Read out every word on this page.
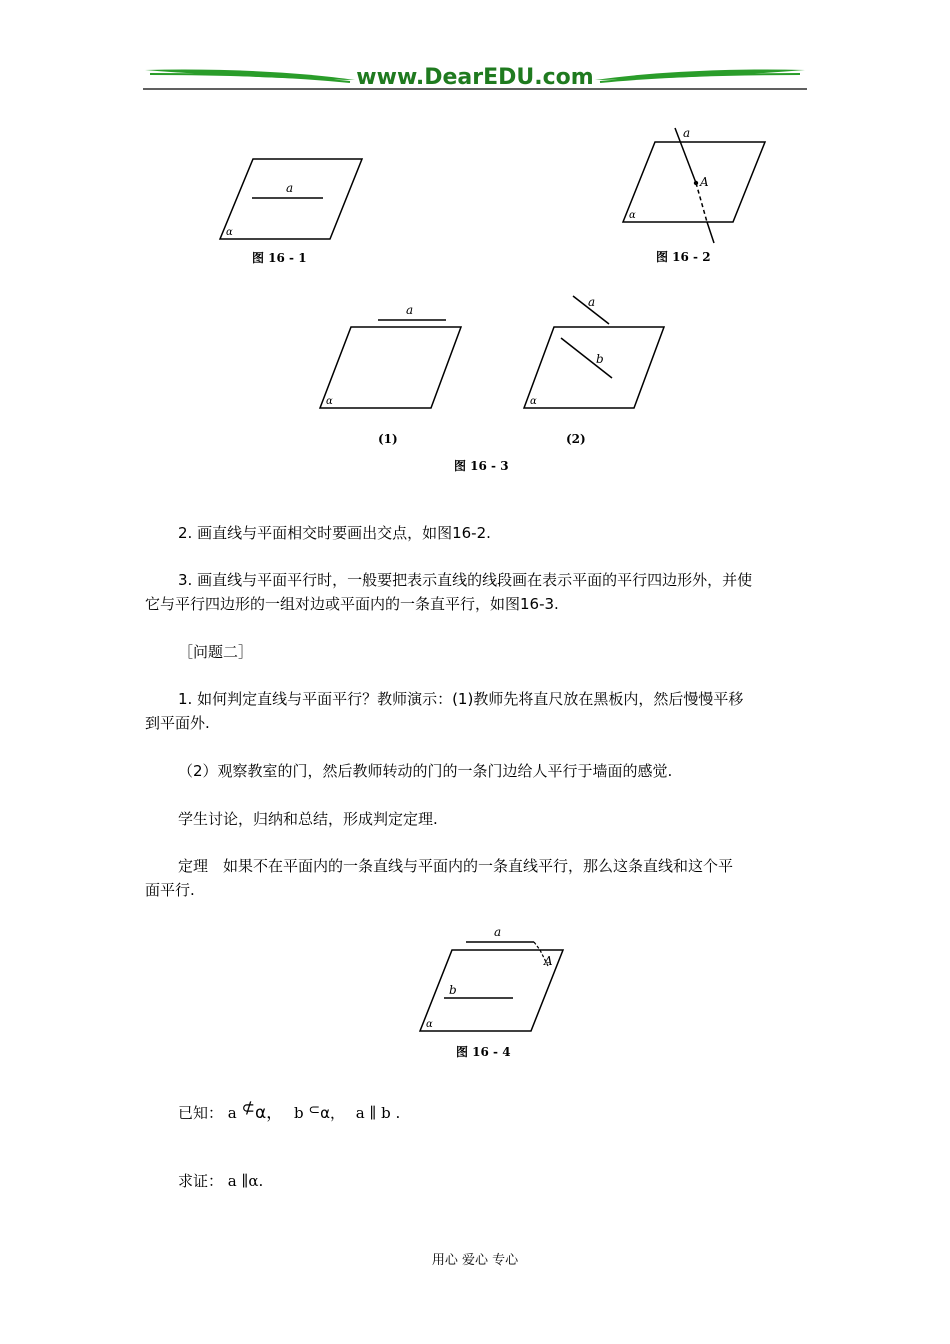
www.DearEDU.com
a
α
图 16 - 1
a
A
α
图 16 - 2
a
α
(1)
a
b
α
(2)
图 16 - 3
2. 画直线与平面相交时要画出交点，如图16-2.
3. 画直线与平面平行时，一般要把表示直线的线段画在表示平面的平行四边形外，并使
它与平行四边形的一组对边或平面内的一条直平行，如图16-3.
［问题二］
1. 如何判定直线与平面平行？教师演示：(1)教师先将直尺放在黑板内，然后慢慢平移
到平面外.
（2）观察教室的门，然后教师转动的门的一条门边给人平行于墙面的感觉.
学生讨论，归纳和总结，形成判定定理.
定理　如果不在平面内的一条直线与平面内的一条直线平行，那么这条直线和这个平
面平行.
a
A
b
α
图 16 - 4
已知： a ⊄α， b ⊂α， a ∥ b .
求证： a ∥α.
用心 爱心 专心
